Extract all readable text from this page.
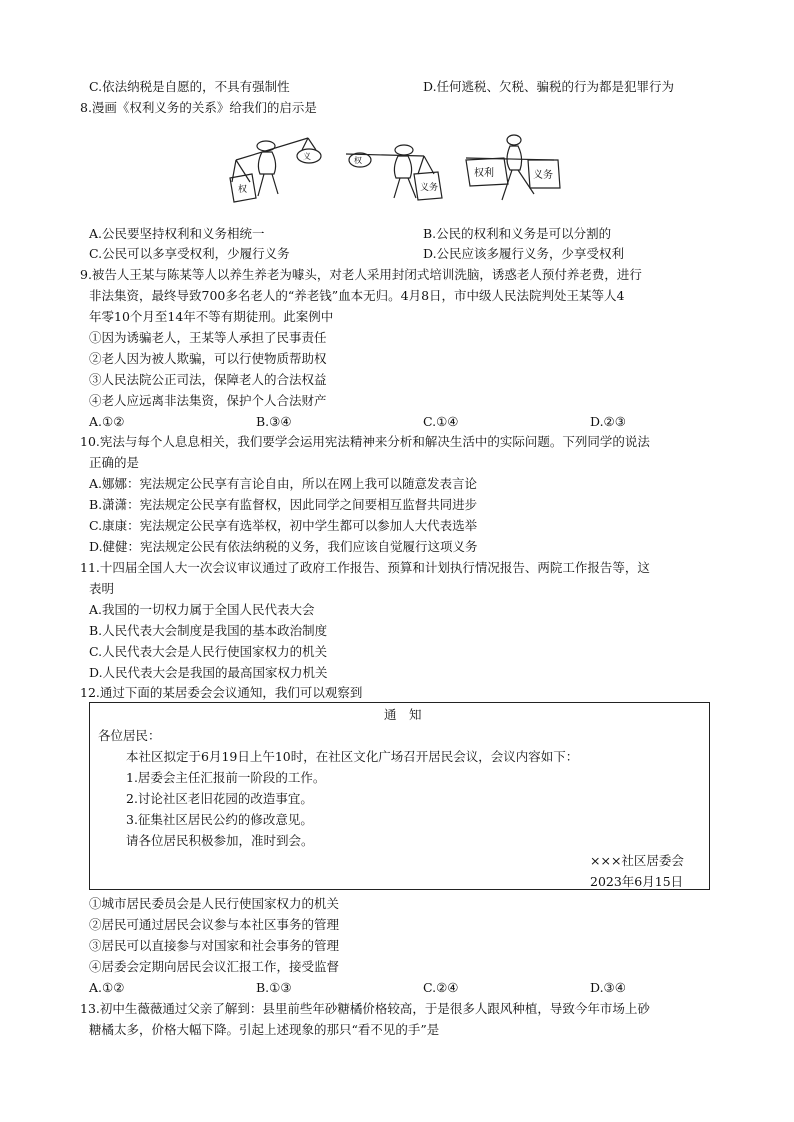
C.依法纳税是自愿的，不具有强制性	D.任何逃税、欠税、骗税的行为都是犯罪行为
8.漫画《权利义务的关系》给我们的启示是
权
义	权
义务
权利	义务
A.公民要坚持权利和义务相统一	B.公民的权利和义务是可以分割的
C.公民可以多享受权利，少履行义务	D.公民应该多履行义务，少享受权利
9.被告人王某与陈某等人以养生养老为噱头，对老人采用封闭式培训洗脑，诱惑老人预付养老费，进行
非法集资，最终导致700多名老人的“养老钱”血本无归。4月8日，市中级人民法院判处王某等人4
年零10个月至14年不等有期徒刑。此案例中
①因为诱骗老人，王某等人承担了民事责任
②老人因为被人欺骗，可以行使物质帮助权
③人民法院公正司法，保障老人的合法权益
④老人应远离非法集资，保护个人合法财产
A.①②	B.③④	C.①④	D.②③
10.宪法与每个人息息相关，我们要学会运用宪法精神来分析和解决生活中的实际问题。下列同学的说法
正确的是
A.娜娜：宪法规定公民享有言论自由，所以在网上我可以随意发表言论
B.潇潇：宪法规定公民享有监督权，因此同学之间要相互监督共同进步
C.康康：宪法规定公民享有选举权，初中学生都可以参加人大代表选举
D.健健：宪法规定公民有依法纳税的义务，我们应该自觉履行这项义务
11.十四届全国人大一次会议审议通过了政府工作报告、预算和计划执行情况报告、两院工作报告等，这
表明
A.我国的一切权力属于全国人民代表大会
B.人民代表大会制度是我国的基本政治制度
C.人民代表大会是人民行使国家权力的机关
D.人民代表大会是我国的最高国家权力机关
12.通过下面的某居委会会议通知，我们可以观察到
通　知
各位居民：
本社区拟定于6月19日上午10时，在社区文化广场召开居民会议，会议内容如下：
1.居委会主任汇报前一阶段的工作。
2.讨论社区老旧花园的改造事宜。
3.征集社区居民公约的修改意见。
请各位居民积极参加，准时到会。
×××社区居委会
2023年6月15日
①城市居民委员会是人民行使国家权力的机关
②居民可通过居民会议参与本社区事务的管理
③居民可以直接参与对国家和社会事务的管理
④居委会定期向居民会议汇报工作，接受监督
A.①②	B.①③	C.②④	D.③④
13.初中生薇薇通过父亲了解到：县里前些年砂糖橘价格较高，于是很多人跟风种植，导致今年市场上砂
糖橘太多，价格大幅下降。引起上述现象的那只“看不见的手”是
